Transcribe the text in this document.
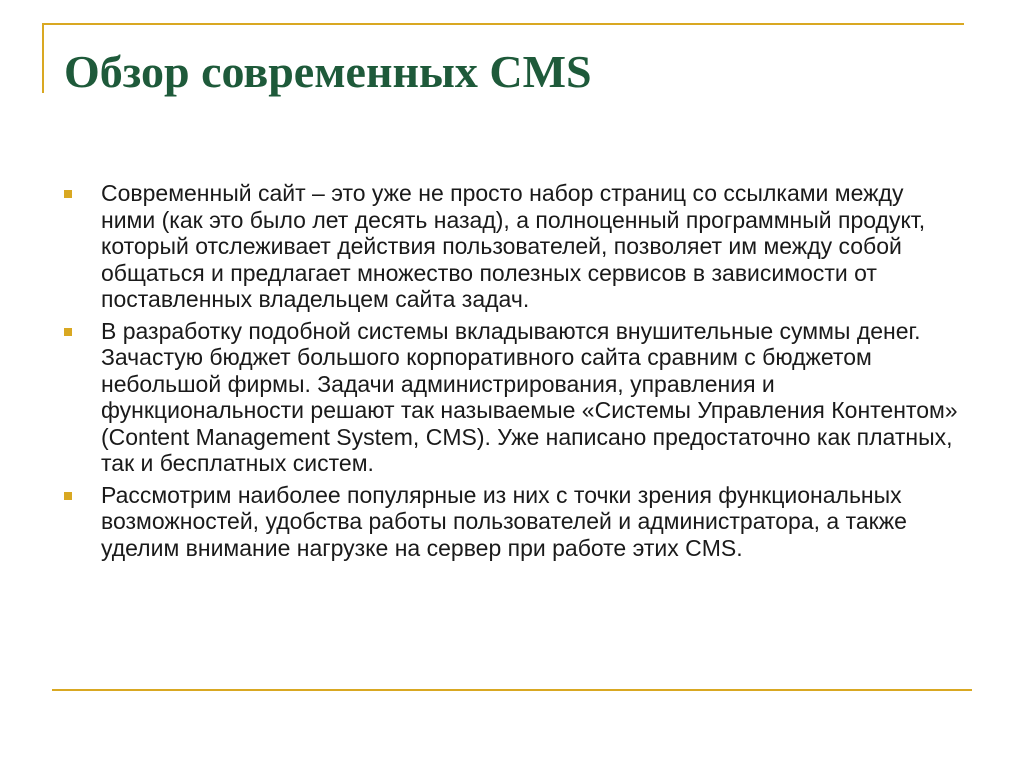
Обзор современных CMS
Современный сайт – это уже не просто набор страниц со ссылками между ними (как это было лет десять назад), а полноценный программный продукт, который отслеживает действия пользователей, позволяет им между собой общаться и предлагает множество полезных сервисов в зависимости от поставленных владельцем сайта задач.
В разработку подобной системы вкладываются внушительные суммы денег. Зачастую бюджет большого корпоративного сайта сравним с бюджетом небольшой фирмы. Задачи администрирования, управления и функциональности решают так называемые «Системы Управления Контентом» (Content Management System, CMS). Уже написано предостаточно как платных, так и бесплатных систем.
Рассмотрим наиболее популярные из них с точки зрения функциональных возможностей, удобства работы пользователей и администратора, а также уделим внимание нагрузке на сервер при работе этих CMS.
